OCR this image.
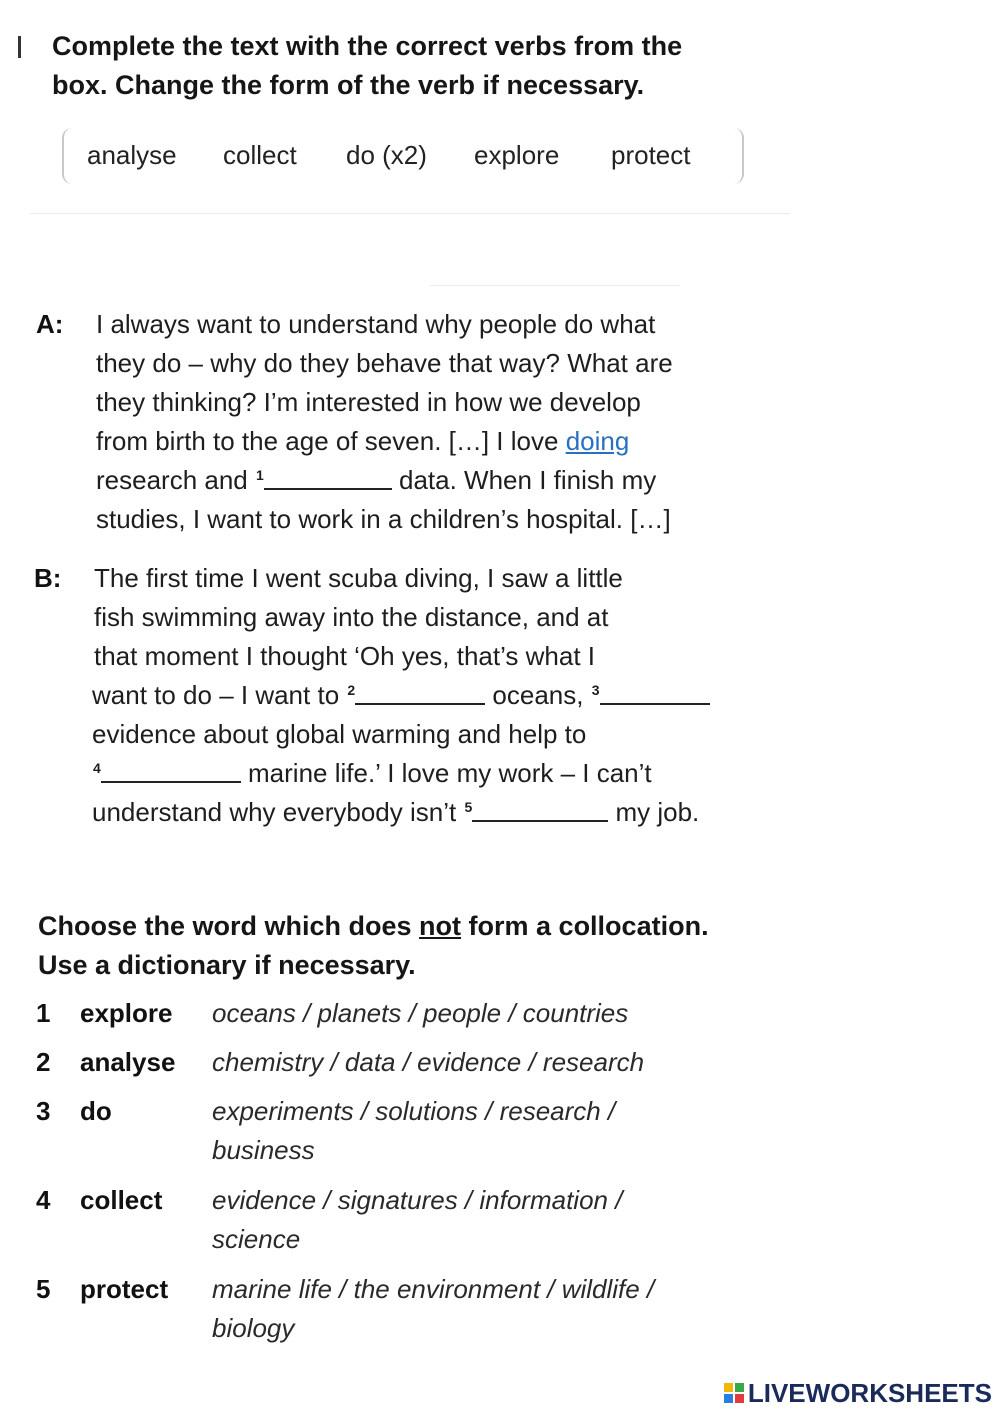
Complete the text with the correct verbs from the
box. Change the form of the verb if necessary.
analyse collect do (x2) explore protect
A: I always want to understand why people do what
they do – why do they behave that way? What are
they thinking? I’m interested in how we develop
from birth to the age of seven. […] I love doing
research and $^1$	data. When I finish my
studies, I want to work in a children’s hospital. […]
B: The first time I went scuba diving, I saw a little
fish swimming away into the distance, and at
that moment I thought ‘Oh yes, that’s what I
want to do – I want to $^2$	oceans, $^3$
evidence about global warming and help to
$^4$	marine life.’ I love my work – I can’t
understand why everybody isn’t $^5$	my job.
Choose the word which does not form a collocation.
Use a dictionary if necessary.
1 explore oceans / planets / people / countries
2 analyse chemistry / data / evidence / research
3 do	experiments / solutions / research /
business
4 collect evidence / signatures / information /
science
5 protect marine life / the environment / wildlife /
biology
LIVEWORKSHEETS
